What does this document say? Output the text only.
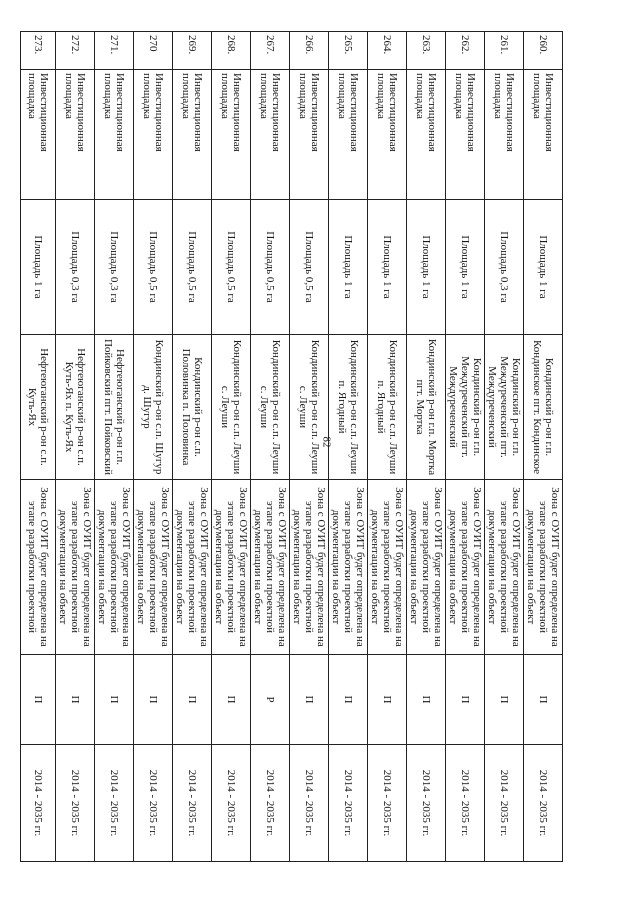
82
260.	Инвестиционная площадка	Площадь 1 га	Кондинский р-он г.п. Кондинское пгт. Кондинское	Зона с ОУИТ будет определена на этапе разработки проектной документации на объект	П	2014 - 2035 гг.
261.	Инвестиционная площадка	Площадь 0,3 га	Кондинский р-он г.п. Междуреченский пгт. Междуреченский	Зона с ОУИТ будет определена на этапе разработки проектной документации на объект	П	2014 - 2035 гг.
262.	Инвестиционная площадка	Площадь 1 га	Кондинский р-он г.п. Междуреченский пгт. Междуреченский	Зона с ОУИТ будет определена на этапе разработки проектной документации на объект	П	2014 - 2035 гг.
263.	Инвестиционная площадка	Площадь 1 га	Кондинский р-он г.п. Мортка пгт. Мортка	Зона с ОУИТ будет определена на этапе разработки проектной документации на объект	П	2014 - 2035 гг.
264.	Инвестиционная площадка	Площадь 1 га	Кондинский р-он с.п. Леуши п. Ягодный	Зона с ОУИТ будет определена на этапе разработки проектной документации на объект	П	2014 - 2035 гг.
265.	Инвестиционная площадка	Площадь 1 га	Кондинский р-он с.п. Леуши п. Ягодный	Зона с ОУИТ будет определена на этапе разработки проектной документации на объект	П	2014 - 2035 гг.
266.	Инвестиционная площадка	Площадь 0,5 га	Кондинский р-он с.п. Леуши с. Леуши	Зона с ОУИТ будет определена на этапе разработки проектной документации на объект	П	2014 - 2035 гг.
267.	Инвестиционная площадка	Площадь 0,5 га	Кондинский р-он с.п. Леуши с. Леуши	Зона с ОУИТ будет определена на этапе разработки проектной документации на объект	Р	2014 - 2035 гг.
268.	Инвестиционная площадка	Площадь 0,5 га	Кондинский р-он с.п. Леуши с. Леуши	Зона с ОУИТ будет определена на этапе разработки проектной документации на объект	П	2014 - 2035 гг.
269.	Инвестиционная площадка	Площадь 0,5 га	Кондинский р-он с.п. Половинка п. Половинка	Зона с ОУИТ будет определена на этапе разработки проектной документации на объект	П	2014 - 2035 гг.
270	Инвестиционная площадка	Площадь 0,5 га	Кондинский р-он с.п. Шугур д. Шугур	Зона с ОУИТ будет определена на этапе разработки проектной документации на объект	П	2014 - 2035 гг.
271.	Инвестиционная площадка	Площадь 0,3 га	Нефтеюганский р-он г.п. Пойковский пгт. Пойковский	Зона с ОУИТ будет определена на этапе разработки проектной документации на объект	П	2014 - 2035 гг.
272.	Инвестиционная площадка	Площадь 0,3 га	Нефтеюганский р-он с.п. Куть-Ях п. Куть-Ях	Зона с ОУИТ будет определена на этапе разработки проектной документации на объект	П	2014 - 2035 гг.
273.	Инвестиционная площадка	Площадь 1 га	Нефтеюганский р-он с.п. Куть-Ях	Зона с ОУИТ будет определена на этапе разработки проектной	П	2014 - 2035 гг.
